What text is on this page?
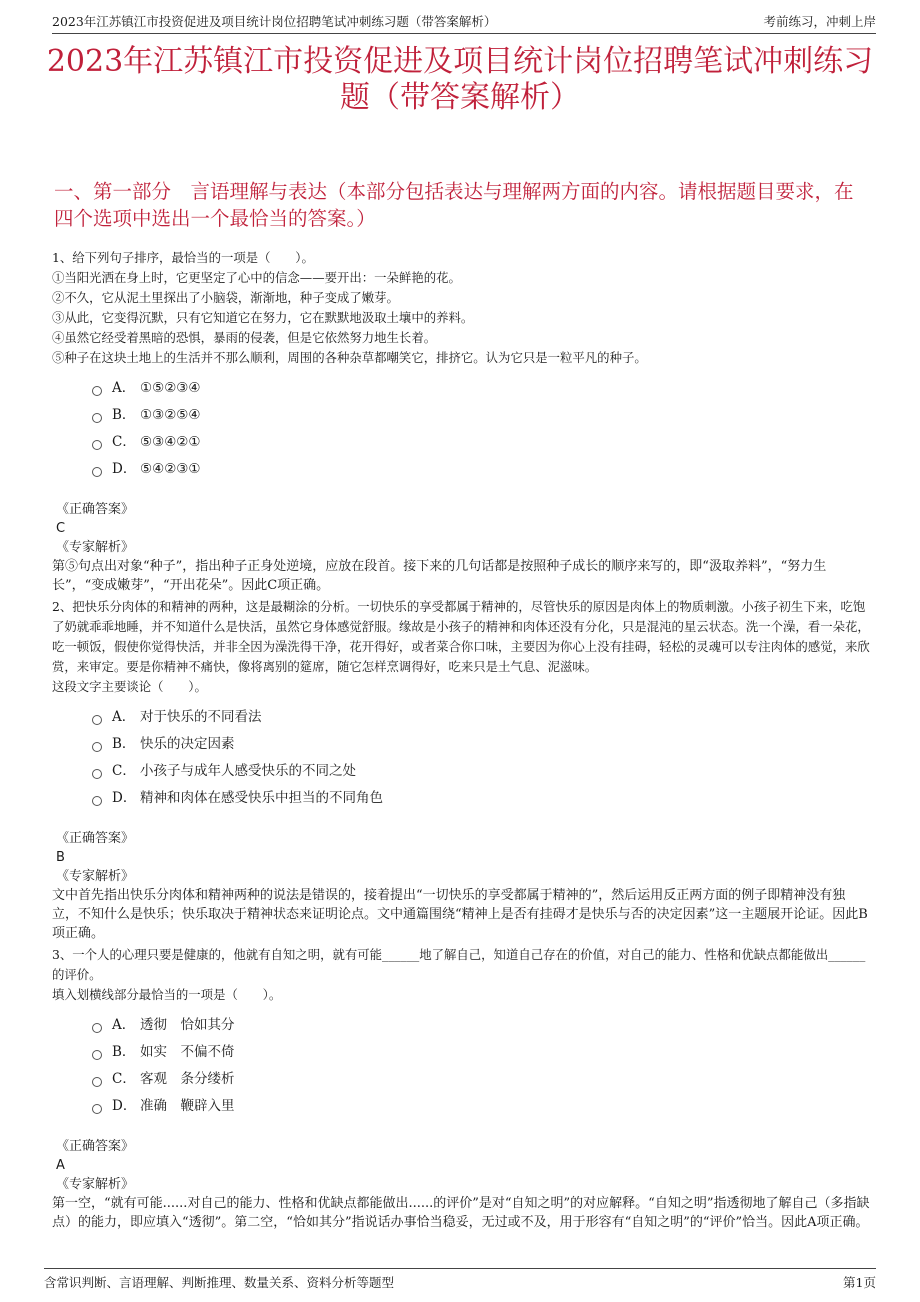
2023年江苏镇江市投资促进及项目统计岗位招聘笔试冲刺练习题（带答案解析）	考前练习，冲刺上岸
2023年江苏镇江市投资促进及项目统计岗位招聘笔试冲刺练习题（带答案解析）
一、第一部分　言语理解与表达（本部分包括表达与理解两方面的内容。请根据题目要求，在四个选项中选出一个最恰当的答案。）

1、给下列句子排序，最恰当的一项是（　　）。

①当阳光洒在身上时，它更坚定了心中的信念——要开出：一朵鲜艳的花。

②不久，它从泥土里探出了小脑袋，渐渐地，种子变成了嫩芽。

③从此，它变得沉默，只有它知道它在努力，它在默默地汲取土壤中的养料。

④虽然它经受着黑暗的恐惧，暴雨的侵袭，但是它依然努力地生长着。

⑤种子在这块土地上的生活并不那么顺利，周围的各种杂草都嘲笑它，排挤它。认为它只是一粒平凡的种子。

A． ①⑤②③④
B． ①③②⑤④
C． ⑤③④②①
D． ⑤④②③①

《正确答案》

C

《专家解析》

第⑤句点出对象“种子”，指出种子正身处逆境，应放在段首。接下来的几句话都是按照种子成长的顺序来写的，即“汲取养料”，“努力生长”，“变成嫩芽”，“开出花朵”。因此C项正确。

2、把快乐分肉体的和精神的两种，这是最糊涂的分析。一切快乐的享受都属于精神的，尽管快乐的原因是肉体上的物质刺激。小孩子初生下来，吃饱了奶就乖乖地睡，并不知道什么是快活，虽然它身体感觉舒服。缘故是小孩子的精神和肉体还没有分化，只是混沌的星云状态。洗一个澡，看一朵花，吃一顿饭，假使你觉得快活，并非全因为澡洗得干净，花开得好，或者菜合你口味，主要因为你心上没有挂碍，轻松的灵魂可以专注肉体的感觉，来欣赏，来审定。要是你精神不痛快，像将离别的筵席，随它怎样烹调得好，吃来只是土气息、泥滋味。

这段文字主要谈论（　　）。

A． 对于快乐的不同看法
B． 快乐的决定因素
C． 小孩子与成年人感受快乐的不同之处
D． 精神和肉体在感受快乐中担当的不同角色

《正确答案》

B

《专家解析》

文中首先指出快乐分肉体和精神两种的说法是错误的，接着提出“一切快乐的享受都属于精神的”，然后运用反正两方面的例子即精神没有独立，不知什么是快乐；快乐取决于精神状态来证明论点。文中通篇围绕“精神上是否有挂碍才是快乐与否的决定因素”这一主题展开论证。因此B项正确。

3、一个人的心理只要是健康的，他就有自知之明，就有可能______地了解自己，知道自己存在的价值，对自己的能力、性格和优缺点都能做出______的评价。

填入划横线部分最恰当的一项是（　　）。

A． 透彻　恰如其分
B． 如实　不偏不倚
C． 客观　条分缕析
D． 准确　鞭辟入里

《正确答案》

A

《专家解析》

第一空，“就有可能......对自己的能力、性格和优缺点都能做出......的评价”是对“自知之明”的对应解释。“自知之明”指透彻地了解自己（多指缺点）的能力，即应填入“透彻”。第二空，“恰如其分”指说话办事恰当稳妥，无过或不及，用于形容有“自知之明”的“评价”恰当。因此A项正确。

含常识判断、言语理解、判断推理、数量关系、资料分析等题型	第1页
